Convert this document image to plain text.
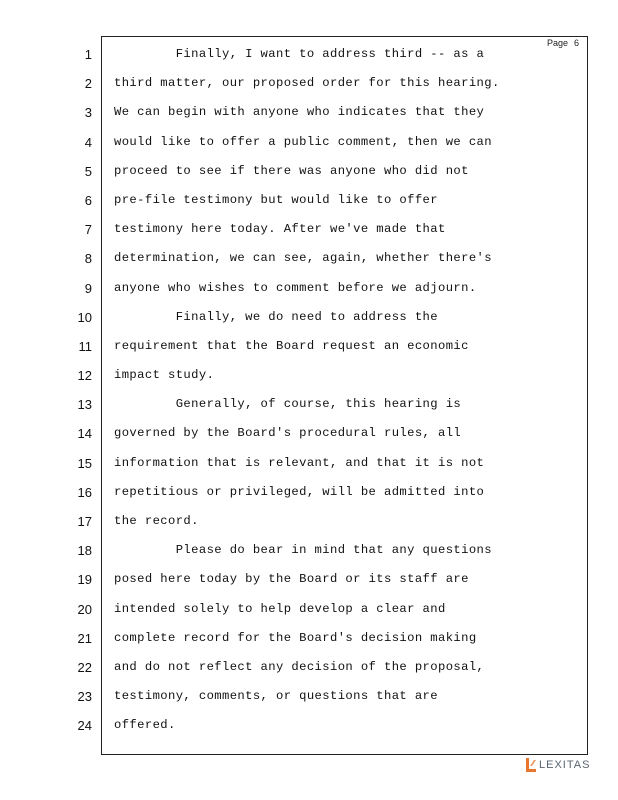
Page 6
1
2
3
4
5
6
7
8
9
10
11
12
13
14
15
16
17
18
19
20
21
22
23
24
Finally, I want to address third -- as a
third matter, our proposed order for this hearing.
We can begin with anyone who indicates that they
would like to offer a public comment, then we can
proceed to see if there was anyone who did not
pre-file testimony but would like to offer
testimony here today. After we've made that
determination, we can see, again, whether there's
anyone who wishes to comment before we adjourn.
Finally, we do need to address the
requirement that the Board request an economic
impact study.
Generally, of course, this hearing is
governed by the Board's procedural rules, all
information that is relevant, and that it is not
repetitious or privileged, will be admitted into
the record.
Please do bear in mind that any questions
posed here today by the Board or its staff are
intended solely to help develop a clear and
complete record for the Board's decision making
and do not reflect any decision of the proposal,
testimony, comments, or questions that are
offered.
LEXITAS
